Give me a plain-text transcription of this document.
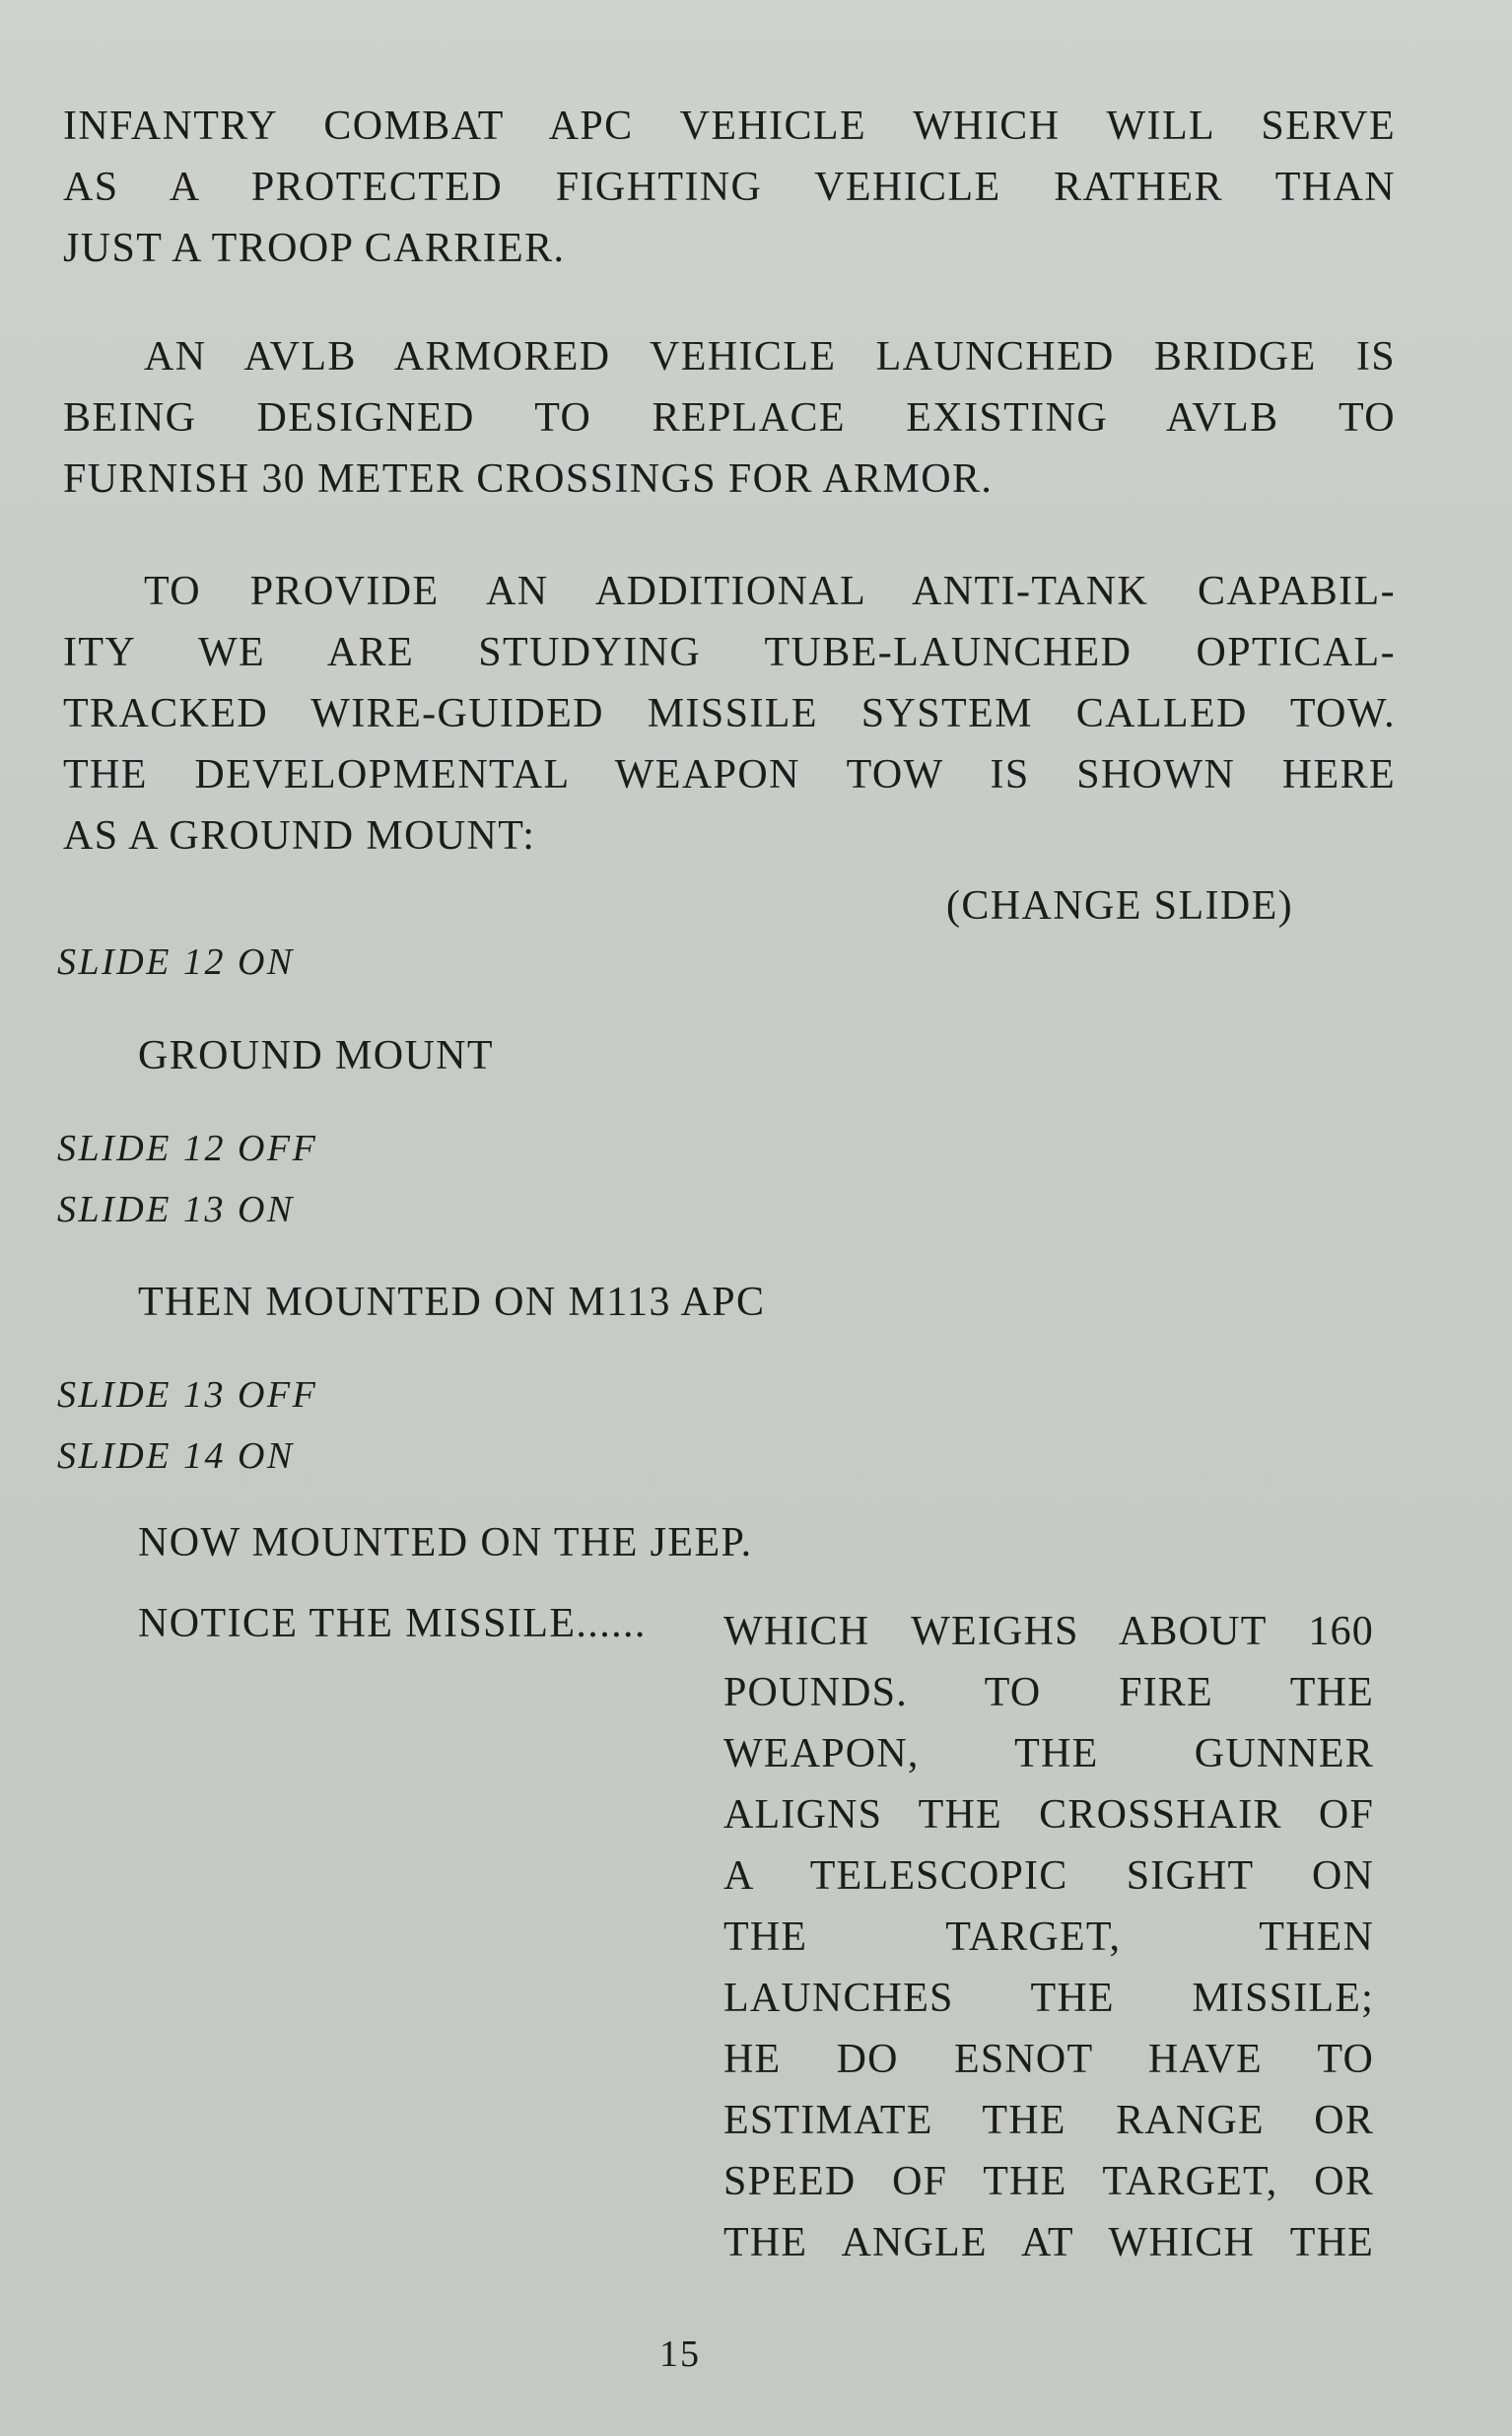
INFANTRY COMBAT APC VEHICLE WHICH WILL SERVE
AS A PROTECTED FIGHTING VEHICLE RATHER THAN
JUST A TROOP CARRIER.
AN AVLB ARMORED VEHICLE LAUNCHED BRIDGE IS
BEING DESIGNED TO REPLACE EXISTING AVLB TO
FURNISH 30 METER CROSSINGS FOR ARMOR.
TO PROVIDE AN ADDITIONAL ANTI-TANK CAPABIL-
ITY WE ARE STUDYING TUBE-LAUNCHED OPTICAL-
TRACKED WIRE-GUIDED MISSILE SYSTEM CALLED TOW.
THE DEVELOPMENTAL WEAPON TOW IS SHOWN HERE
AS A GROUND MOUNT:
(CHANGE SLIDE)
SLIDE 12 ON
GROUND MOUNT
SLIDE 12 OFF
SLIDE 13 ON
THEN MOUNTED ON M113 APC
SLIDE 13 OFF
SLIDE 14 ON
NOW MOUNTED ON THE JEEP.
NOTICE THE MISSILE...... WHICH WEIGHS ABOUT 160
POUNDS. TO FIRE THE
WEAPON, THE GUNNER
ALIGNS THE CROSSHAIR OF
A TELESCOPIC SIGHT ON
THE TARGET, THEN
LAUNCHES THE MISSILE;
HE DO ESNOT HAVE TO
ESTIMATE THE RANGE OR
SPEED OF THE TARGET, OR
THE ANGLE AT WHICH THE
15
